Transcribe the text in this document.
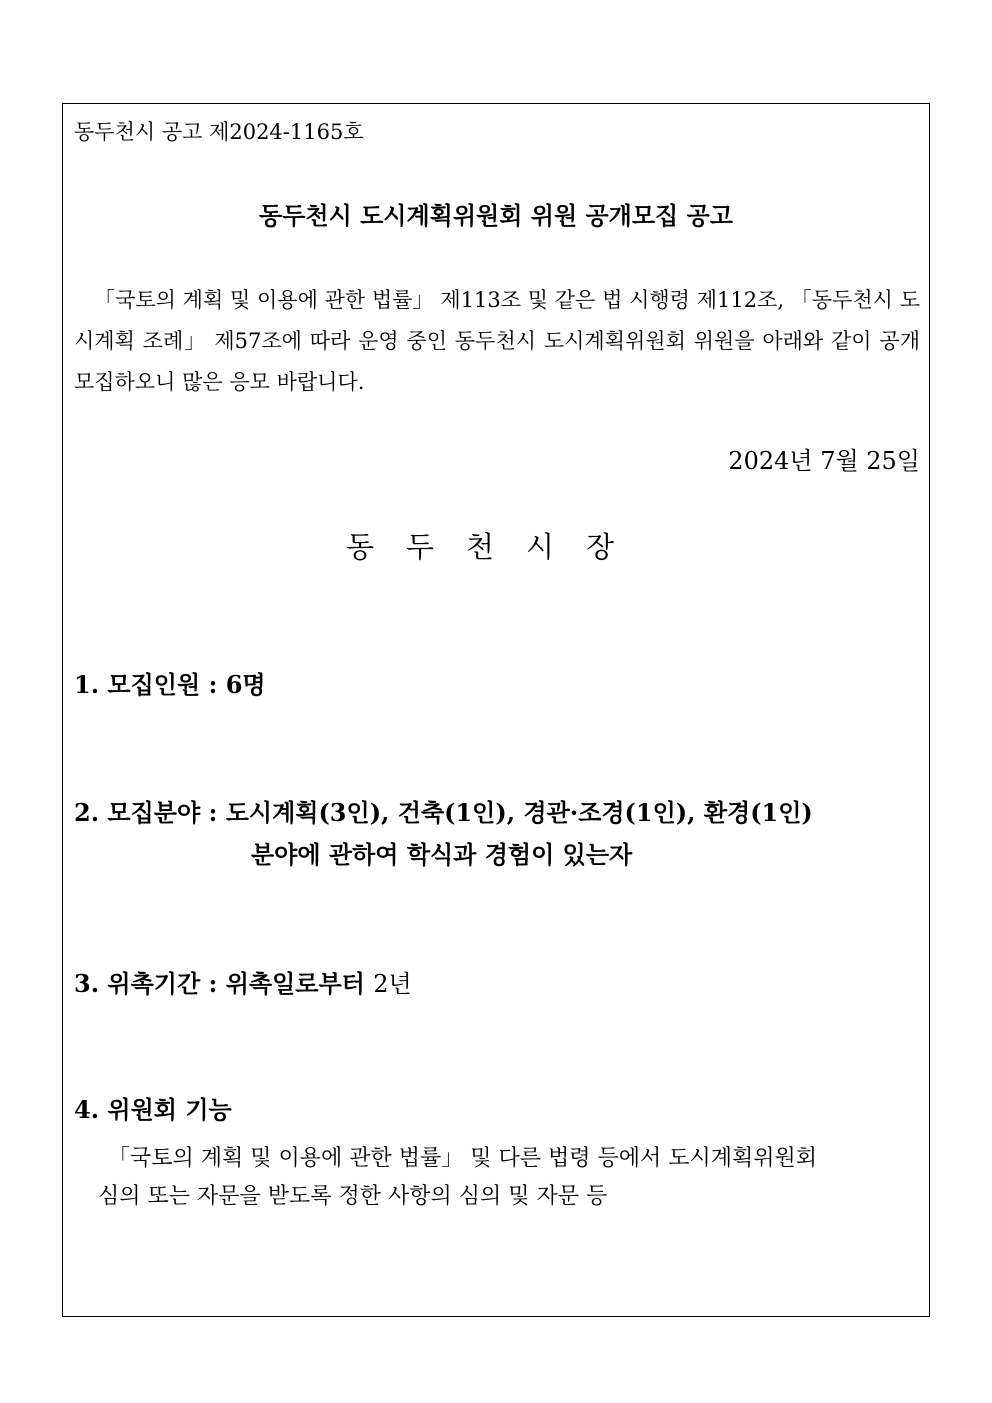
동두천시 공고 제2024-1165호
동두천시 도시계획위원회 위원 공개모집 공고
「국토의 계획 및 이용에 관한 법률」 제113조 및 같은 법 시행령 제112조, 「동두천시 도시계획 조례」 제57조에 따라 운영 중인 동두천시 도시계획위원회 위원을 아래와 같이 공개 모집하오니 많은 응모 바랍니다.
2024년 7월 25일
동두천시장
1. 모집인원 : 6명
2. 모집분야 : 도시계획(3인), 건축(1인), 경관·조경(1인), 환경(1인)
분야에 관하여 학식과 경험이 있는자
3. 위촉기간 : 위촉일로부터 2년
4. 위원회 기능
「국토의 계획 및 이용에 관한 법률」 및 다른 법령 등에서 도시계획위원회
심의 또는 자문을 받도록 정한 사항의 심의 및 자문 등
